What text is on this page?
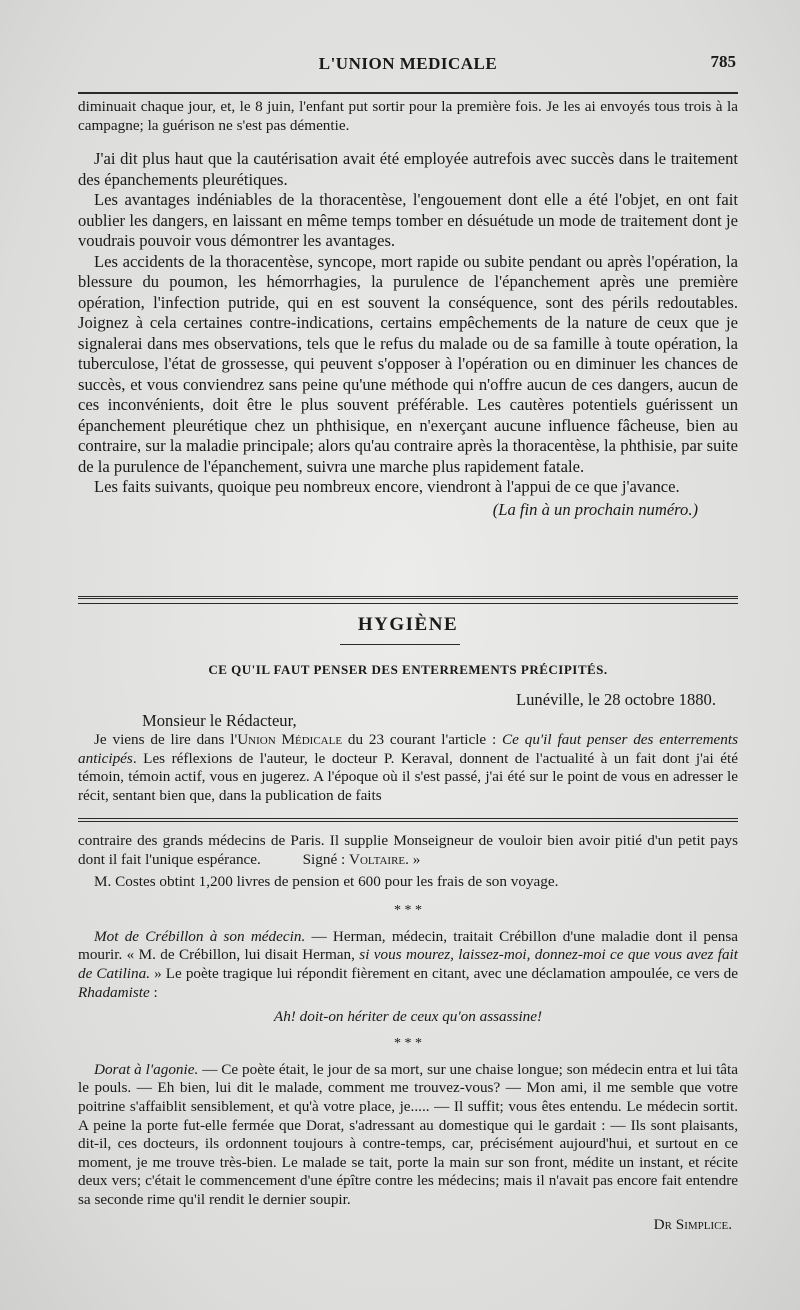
L'UNION MEDICALE	785

diminuait chaque jour, et, le 8 juin, l'enfant put sortir pour la première fois. Je les ai envoyés tous trois à la campagne; la guérison ne s'est pas démentie.

J'ai dit plus haut que la cautérisation avait été employée autrefois avec succès dans le traitement des épanchements pleurétiques.

Les avantages indéniables de la thoracentèse, l'engouement dont elle a été l'objet, en ont fait oublier les dangers, en laissant en même temps tomber en désuétude un mode de traitement dont je voudrais pouvoir vous démontrer les avantages.

Les accidents de la thoracentèse, syncope, mort rapide ou subite pendant ou après l'opération, la blessure du poumon, les hémorrhagies, la purulence de l'épanchement après une première opération, l'infection putride, qui en est souvent la conséquence, sont des périls redoutables. Joignez à cela certaines contre-indications, certains empêchements de la nature de ceux que je signalerai dans mes observations, tels que le refus du malade ou de sa famille à toute opération, la tuberculose, l'état de grossesse, qui peuvent s'opposer à l'opération ou en diminuer les chances de succès, et vous conviendrez sans peine qu'une méthode qui n'offre aucun de ces dangers, aucun de ces inconvénients, doit être le plus souvent préférable. Les cautères potentiels guérissent un épanchement pleurétique chez un phthisique, en n'exerçant aucune influence fâcheuse, bien au contraire, sur la maladie principale; alors qu'au contraire après la thoracentèse, la phthisie, par suite de la purulence de l'épanchement, suivra une marche plus rapidement fatale.

Les faits suivants, quoique peu nombreux encore, viendront à l'appui de ce que j'avance.

(La fin à un prochain numéro.)
HYGIÈNE
CE QU'IL FAUT PENSER DES ENTERREMENTS PRÉCIPITÉS.
Lunéville, le 28 octobre 1880.

Monsieur le Rédacteur,

Je viens de lire dans l'Union Médicale du 23 courant l'article : Ce qu'il faut penser des enterrements anticipés. Les réflexions de l'auteur, le docteur P. Keraval, donnent de l'actualité à un fait dont j'ai été témoin, témoin actif, vous en jugerez. A l'époque où il s'est passé, j'ai été sur le point de vous en adresser le récit, sentant bien que, dans la publication de faits

contraire des grands médecins de Paris. Il supplie Monseigneur de vouloir bien avoir pitié d'un petit pays dont il fait l'unique espérance.	Signé : Voltaire. »

M. Costes obtint 1,200 livres de pension et 600 pour les frais de son voyage.

* * *

Mot de Crébillon à son médecin. — Herman, médecin, traitait Crébillon d'une maladie dont il pensa mourir. « M. de Crébillon, lui disait Herman, si vous mourez, laissez-moi, donnez-moi ce que vous avez fait de Catilina. » Le poète tragique lui répondit fièrement en citant, avec une déclamation ampoulée, ce vers de Rhadamiste :

Ah! doit-on hériter de ceux qu'on assassine!
* * *

Dorat à l'agonie. — Ce poète était, le jour de sa mort, sur une chaise longue; son médecin entra et lui tâta le pouls. — Eh bien, lui dit le malade, comment me trouvez-vous? — Mon ami, il me semble que votre poitrine s'affaiblit sensiblement, et qu'à votre place, je..... — Il suffit; vous êtes entendu. Le médecin sortit. A peine la porte fut-elle fermée que Dorat, s'adressant au domestique qui le gardait : — Ils sont plaisants, dit-il, ces docteurs, ils ordonnent toujours à contre-temps, car, précisément aujourd'hui, et surtout en ce moment, je me trouve très-bien. Le malade se tait, porte la main sur son front, médite un instant, et récite deux vers; c'était le commencement d'une épître contre les médecins; mais il n'avait pas encore fait entendre sa seconde rime qu'il rendit le dernier soupir.

Dr Simplice.
